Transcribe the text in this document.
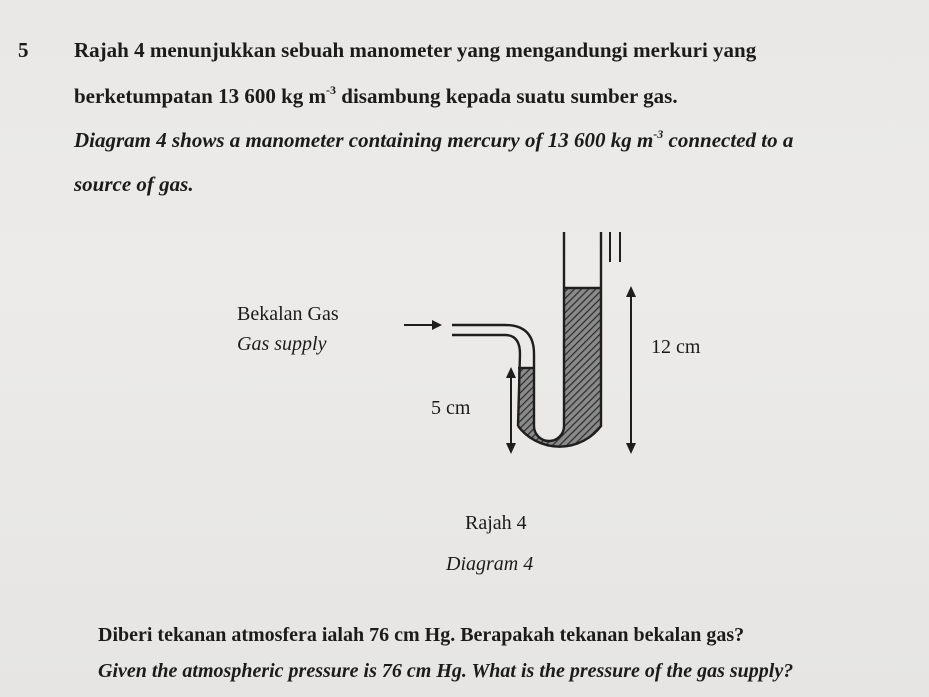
5 Rajah 4 menunjukkan sebuah manometer yang mengandungi merkuri yang
berketumpatan 13 600 kg $m^{-3}$ disambung kepada suatu sumber gas.
Diagram 4 shows a manometer containing mercury of 13 600 kg $m^{-3}$ connected to a
source of gas.
Bekalan Gas
Gas supply	12 cm
5 cm
Rajah 4
Diagram 4
Diberi tekanan atmosfera ialah 76 cm Hg. Berapakah tekanan bekalan gas?
Given the atmospheric pressure is 76 cm Hg. What is the pressure of the gas supply?
